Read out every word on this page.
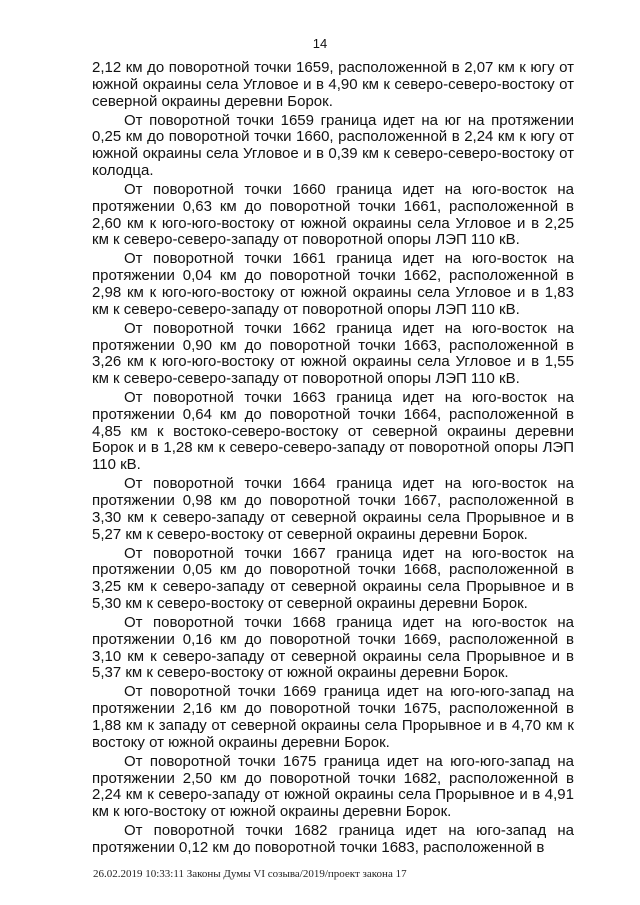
14

2,12 км до поворотной точки 1659, расположенной в 2,07 км к югу от южной окраины села Угловое и в 4,90 км к северо-северо-востоку от северной окраины деревни Борок.

От поворотной точки 1659 граница идет на юг на протяжении 0,25 км до поворотной точки 1660, расположенной в 2,24 км к югу от южной окраины села Угловое и в 0,39 км к северо-северо-востоку от колодца.

От поворотной точки 1660 граница идет на юго-восток на протяжении 0,63 км до поворотной точки 1661, расположенной в 2,60 км к юго-юго-востоку от южной окраины села Угловое и в 2,25 км к северо-северо-западу от поворотной опоры ЛЭП 110 кВ.

От поворотной точки 1661 граница идет на юго-восток на протяжении 0,04 км до поворотной точки 1662, расположенной в 2,98 км к юго-юго-востоку от южной окраины села Угловое и в 1,83 км к северо-северо-западу от поворотной опоры ЛЭП 110 кВ.

От поворотной точки 1662 граница идет на юго-восток на протяжении 0,90 км до поворотной точки 1663, расположенной в 3,26 км к юго-юго-востоку от южной окраины села Угловое и в 1,55 км к северо-северо-западу от поворотной опоры ЛЭП 110 кВ.

От поворотной точки 1663 граница идет на юго-восток на протяжении 0,64 км до поворотной точки 1664, расположенной в 4,85 км к востоко-северо-востоку от северной окраины деревни Борок и в 1,28 км к северо-северо-западу от поворотной опоры ЛЭП 110 кВ.

От поворотной точки 1664 граница идет на юго-восток на протяжении 0,98 км до поворотной точки 1667, расположенной в 3,30 км к северо-западу от северной окраины села Прорывное и в 5,27 км к северо-востоку от северной окраины деревни Борок.

От поворотной точки 1667 граница идет на юго-восток на протяжении 0,05 км до поворотной точки 1668, расположенной в 3,25 км к северо-западу от северной окраины села Прорывное и в 5,30 км к северо-востоку от северной окраины деревни Борок.

От поворотной точки 1668 граница идет на юго-восток на протяжении 0,16 км до поворотной точки 1669, расположенной в 3,10 км к северо-западу от северной окраины села Прорывное и в 5,37 км к северо-востоку от южной окраины деревни Борок.

От поворотной точки 1669 граница идет на юго-юго-запад на протяжении 2,16 км до поворотной точки 1675, расположенной в 1,88 км к западу от северной окраины села Прорывное и в 4,70 км к востоку от южной окраины деревни Борок.

От поворотной точки 1675 граница идет на юго-юго-запад на протяжении 2,50 км до поворотной точки 1682, расположенной в 2,24 км к северо-западу от южной окраины села Прорывное и в 4,91 км к юго-востоку от южной окраины деревни Борок.

От поворотной точки 1682 граница идет на юго-запад на протяжении 0,12 км до поворотной точки 1683, расположенной в

26.02.2019 10:33:11 Законы Думы VI созыва/2019/проект закона 17
